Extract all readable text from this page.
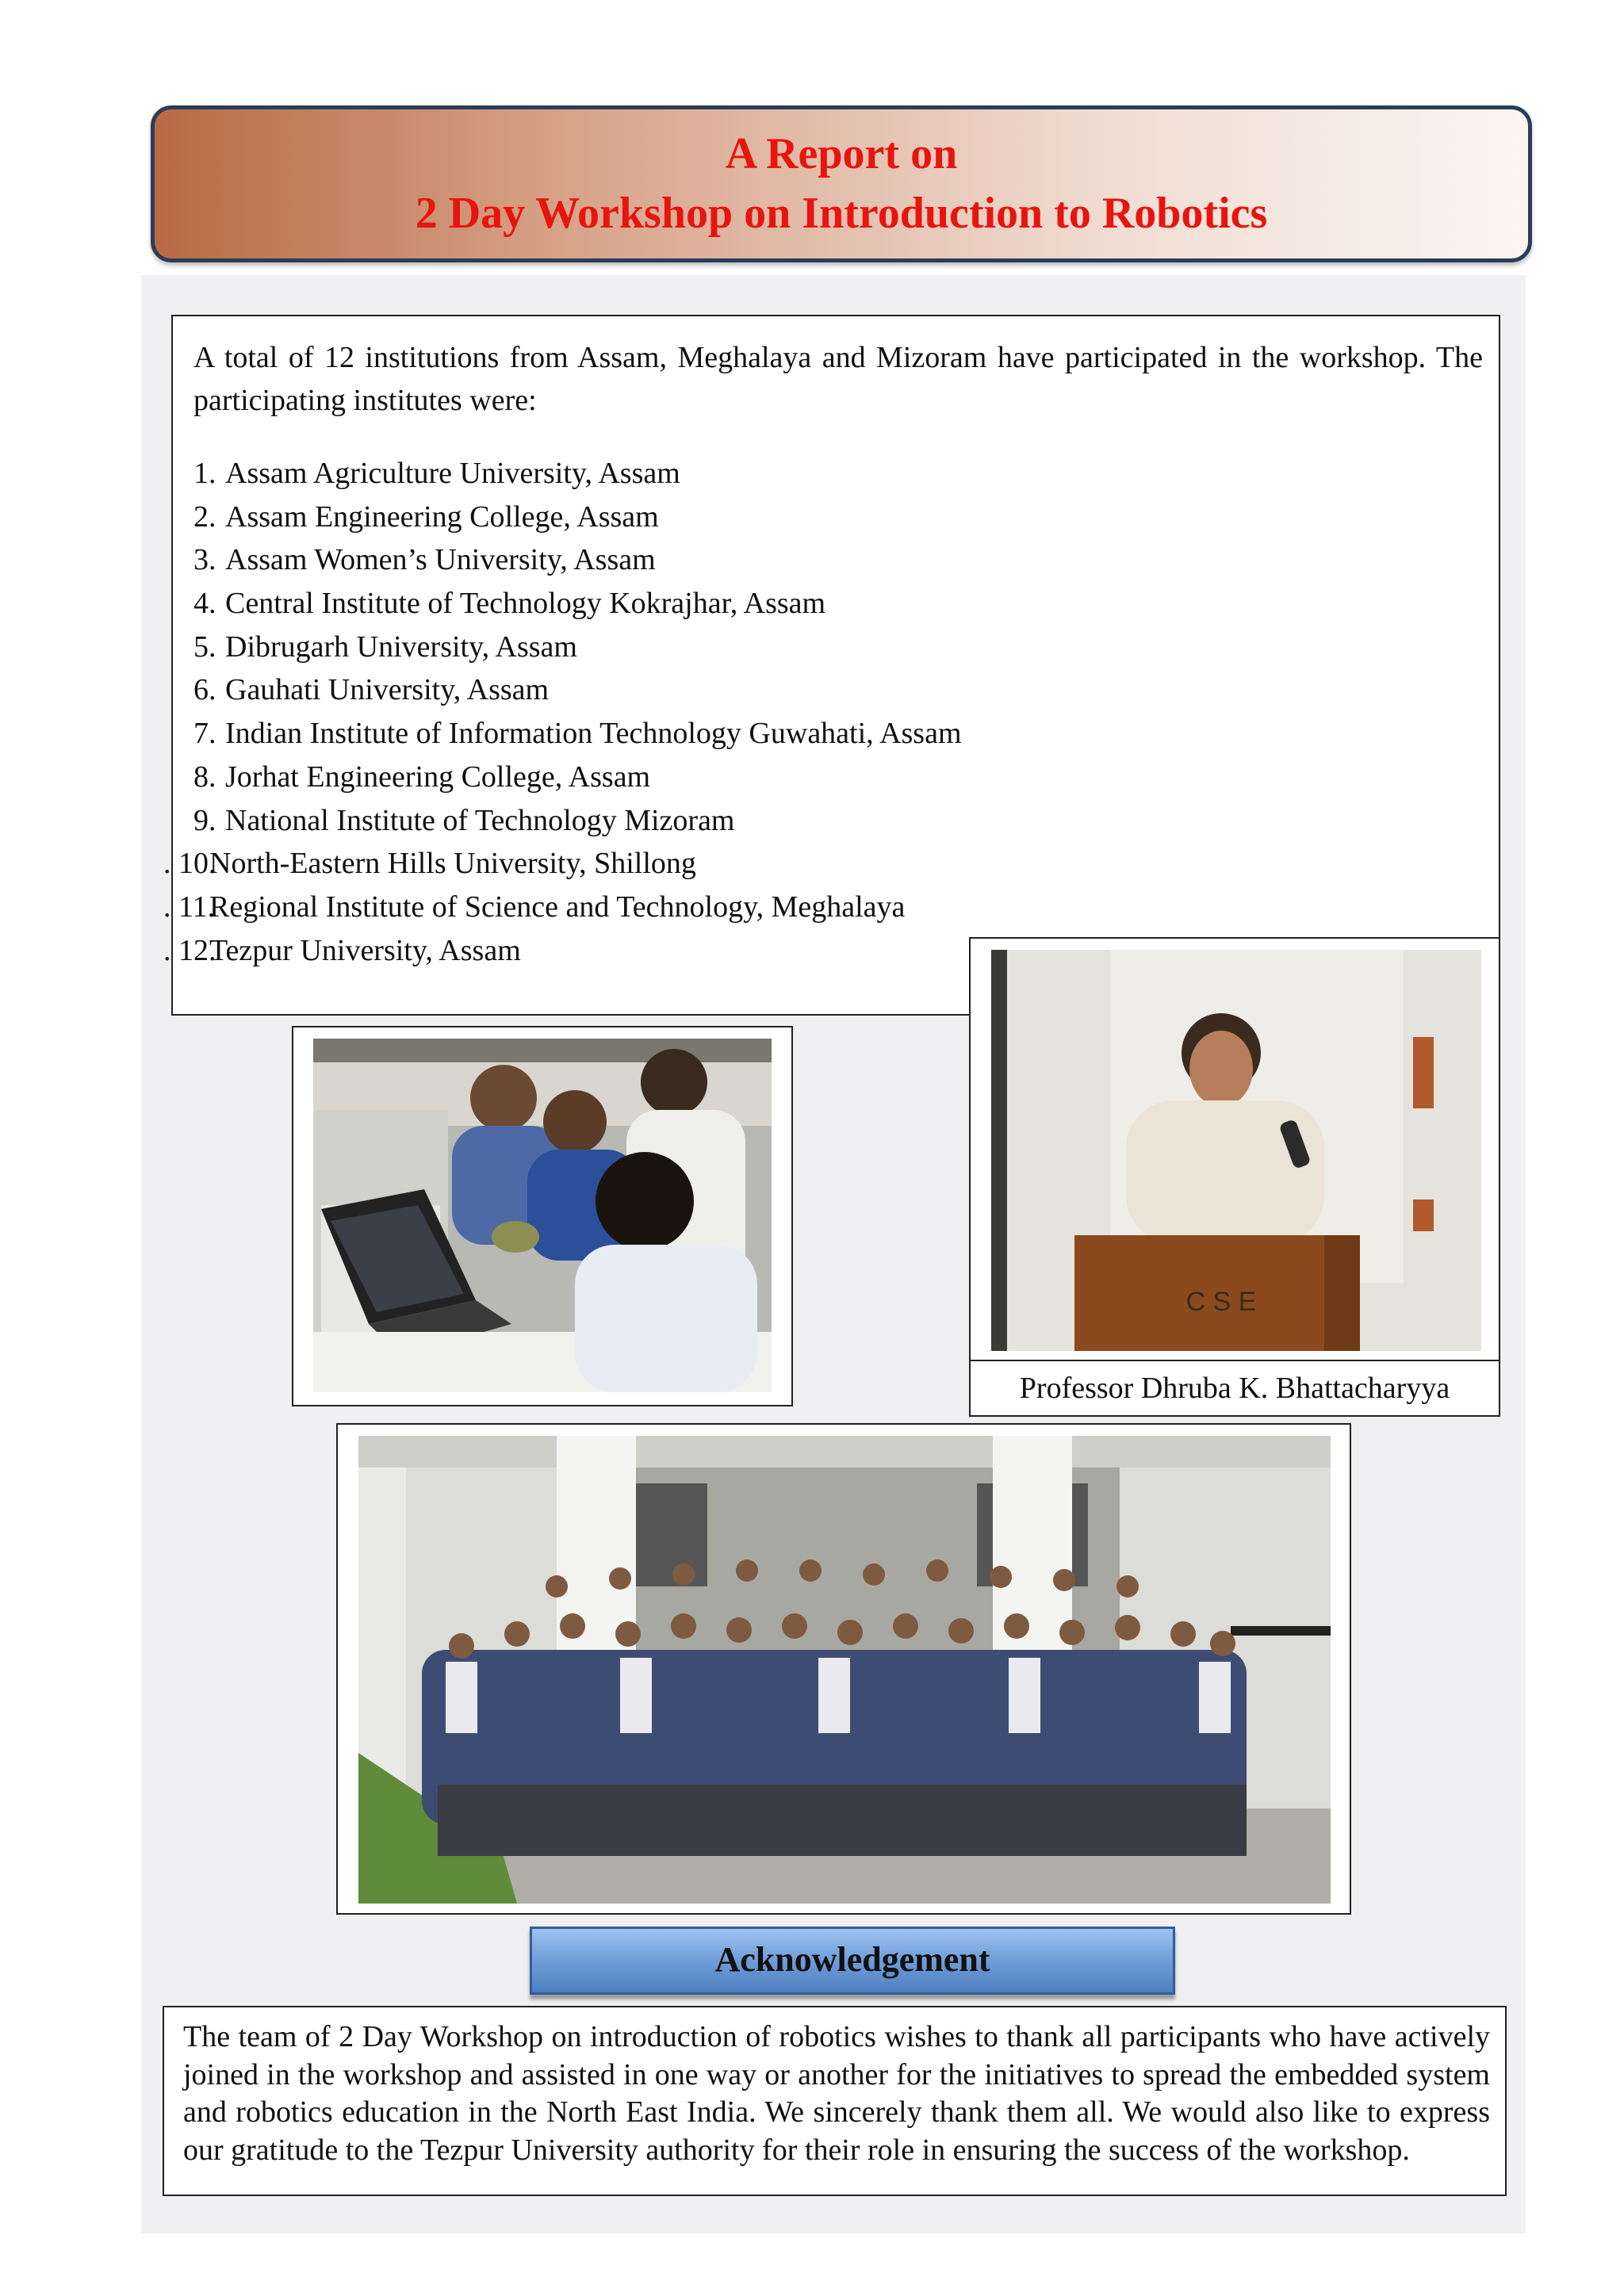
A Report on
2 Day Workshop on Introduction to Robotics

A total of 12 institutions from Assam, Meghalaya and Mizoram have participated in the workshop. The participating institutes were:

1. Assam Agriculture University, Assam
2. Assam Engineering College, Assam
3. Assam Women’s University, Assam
4. Central Institute of Technology Kokrajhar, Assam
5. Dibrugarh University, Assam
6. Gauhati University, Assam
7. Indian Institute of Information Technology Guwahati, Assam
8. Jorhat Engineering College, Assam
9. National Institute of Technology Mizoram
. 10.
North-Eastern Hills University, Shillong
. 11.
Regional Institute of Science and Technology, Meghalaya
. 12.
Tezpur University, Assam
C S E
Professor Dhruba K. Bhattacharyya
Acknowledgement

The team of 2 Day Workshop on introduction of robotics wishes to thank all participants who have actively joined in the workshop and assisted in one way or another for the initiatives to spread the embedded system and robotics education in the North East India. We sincerely thank them all. We would also like to express our gratitude to the Tezpur University authority for their role in ensuring the success of the workshop.
